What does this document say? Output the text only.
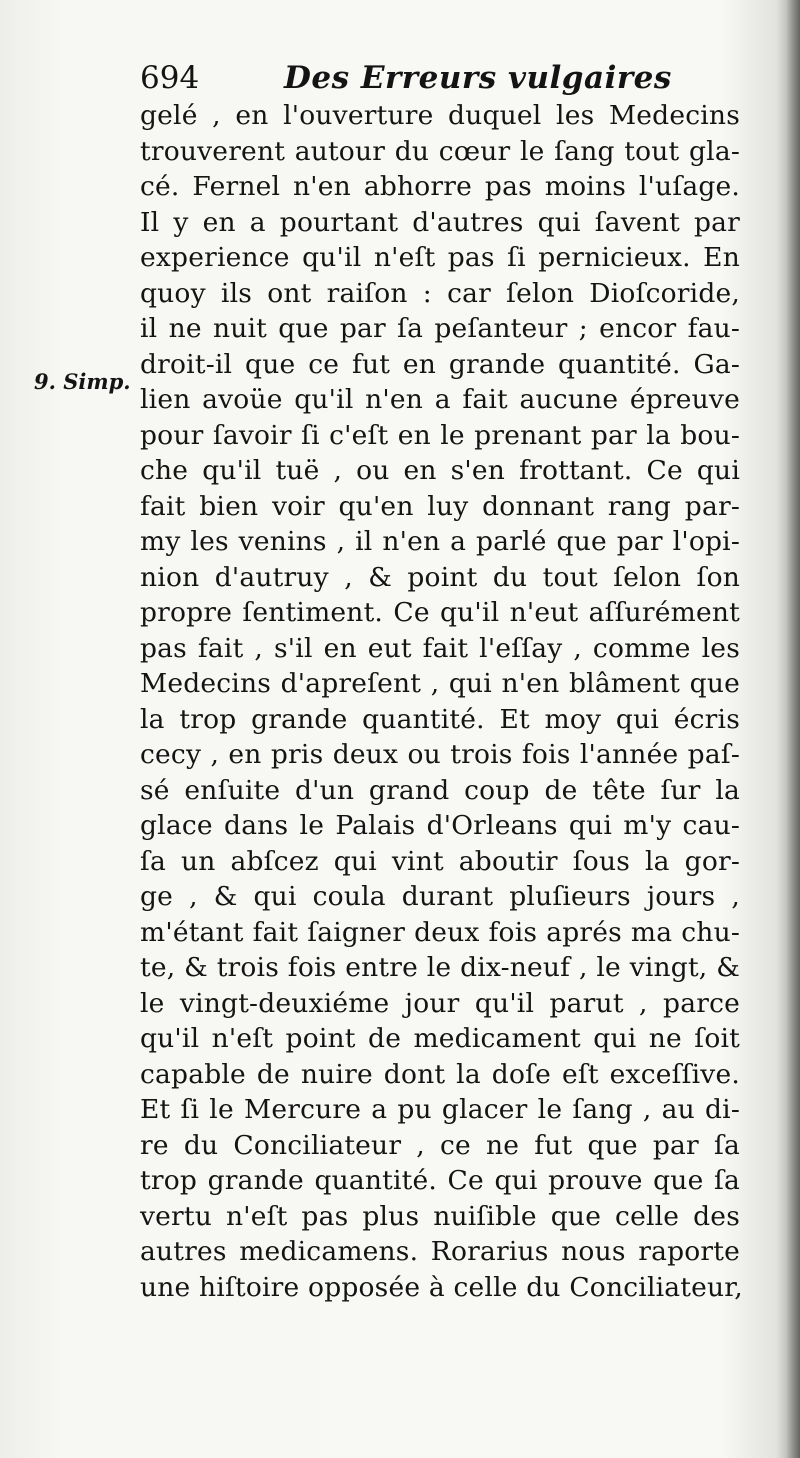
694	Des Erreurs vulgaires
9. Simp.
gelé , en l'ouverture duquel les Medecins
trouverent autour du cœur le ſang tout gla-
cé. Fernel n'en abhorre pas moins l'uſage.
Il y en a pourtant d'autres qui ſavent par
experience qu'il n'eſt pas ſi pernicieux. En
quoy ils ont raiſon : car ſelon Dioſcoride,
il ne nuit que par ſa peſanteur ; encor fau-
droit-il que ce fut en grande quantité. Ga-
lien avoüe qu'il n'en a fait aucune épreuve
pour ſavoir ſi c'eſt en le prenant par la bou-
che qu'il tuë , ou en s'en frottant. Ce qui
fait bien voir qu'en luy donnant rang par-
my les venins , il n'en a parlé que par l'opi-
nion d'autruy , & point du tout ſelon ſon
propre ſentiment. Ce qu'il n'eut aſſurément
pas fait , s'il en eut fait l'eſſay , comme les
Medecins d'apreſent , qui n'en blâment que
la trop grande quantité. Et moy qui écris
cecy , en pris deux ou trois fois l'année paſ-
sé enſuite d'un grand coup de tête ſur la
glace dans le Palais d'Orleans qui m'y cau-
ſa un abſcez qui vint aboutir ſous la gor-
ge , & qui coula durant pluſieurs jours ,
m'étant fait ſaigner deux fois aprés ma chu-
te, & trois fois entre le dix-neuf , le vingt, &
le vingt-deuxiéme jour qu'il parut , parce
qu'il n'eſt point de medicament qui ne ſoit
capable de nuire dont la doſe eſt exceſſive.
Et ſi le Mercure a pu glacer le ſang , au di-
re du Conciliateur , ce ne fut que par ſa
trop grande quantité. Ce qui prouve que ſa
vertu n'eſt pas plus nuiſible que celle des
autres medicamens. Rorarius nous raporte
une hiſtoire opposée à celle du Conciliateur,
